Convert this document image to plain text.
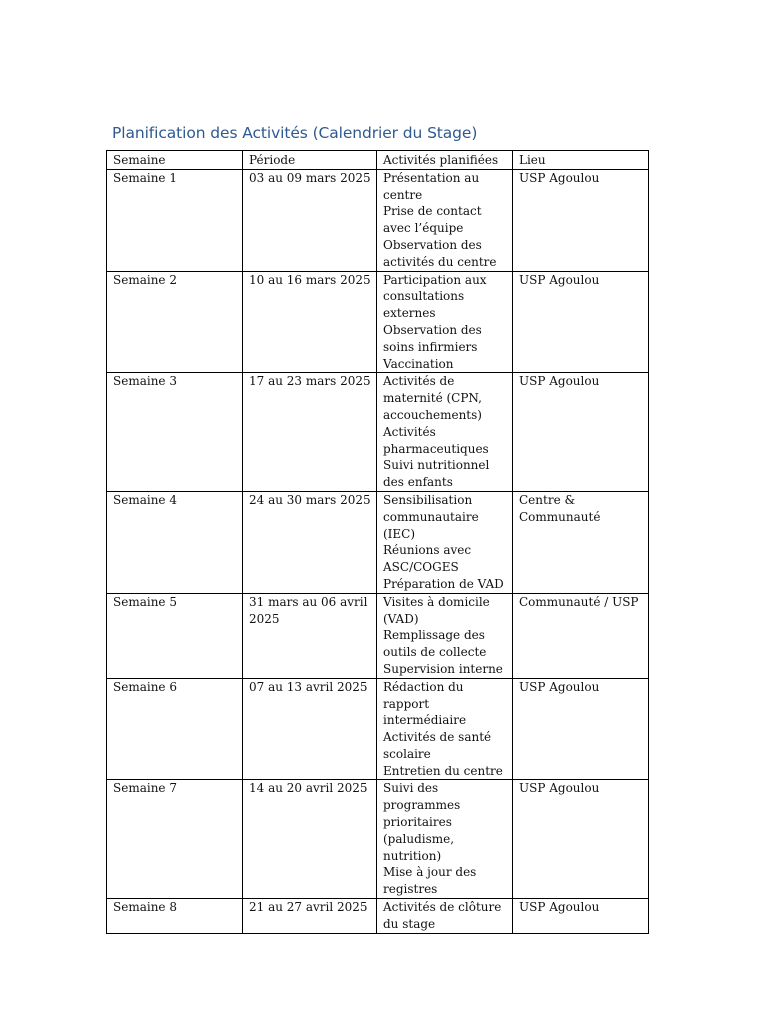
Planification des Activités (Calendrier du Stage)
Semaine	Période	Activités planifiées	Lieu
Semaine 1	03 au 09 mars 2025	Présentation au centre
Prise de contact avec l’équipe
Observation des activités du centre	USP Agoulou
Semaine 2	10 au 16 mars 2025	Participation aux consultations externes
Observation des soins infirmiers
Vaccination	USP Agoulou
Semaine 3	17 au 23 mars 2025	Activités de maternité (CPN, accouchements)
Activités pharmaceutiques
Suivi nutritionnel des enfants	USP Agoulou
Semaine 4	24 au 30 mars 2025	Sensibilisation communautaire (IEC)
Réunions avec ASC/COGES
Préparation de VAD	Centre & Communauté
Semaine 5	31 mars au 06 avril 2025	Visites à domicile (VAD)
Remplissage des outils de collecte
Supervision interne	Communauté / USP
Semaine 6	07 au 13 avril 2025	Rédaction du rapport intermédiaire
Activités de santé scolaire
Entretien du centre	USP Agoulou
Semaine 7	14 au 20 avril 2025	Suivi des programmes prioritaires (paludisme, nutrition)
Mise à jour des registres	USP Agoulou
Semaine 8	21 au 27 avril 2025	Activités de clôture du stage	USP Agoulou
